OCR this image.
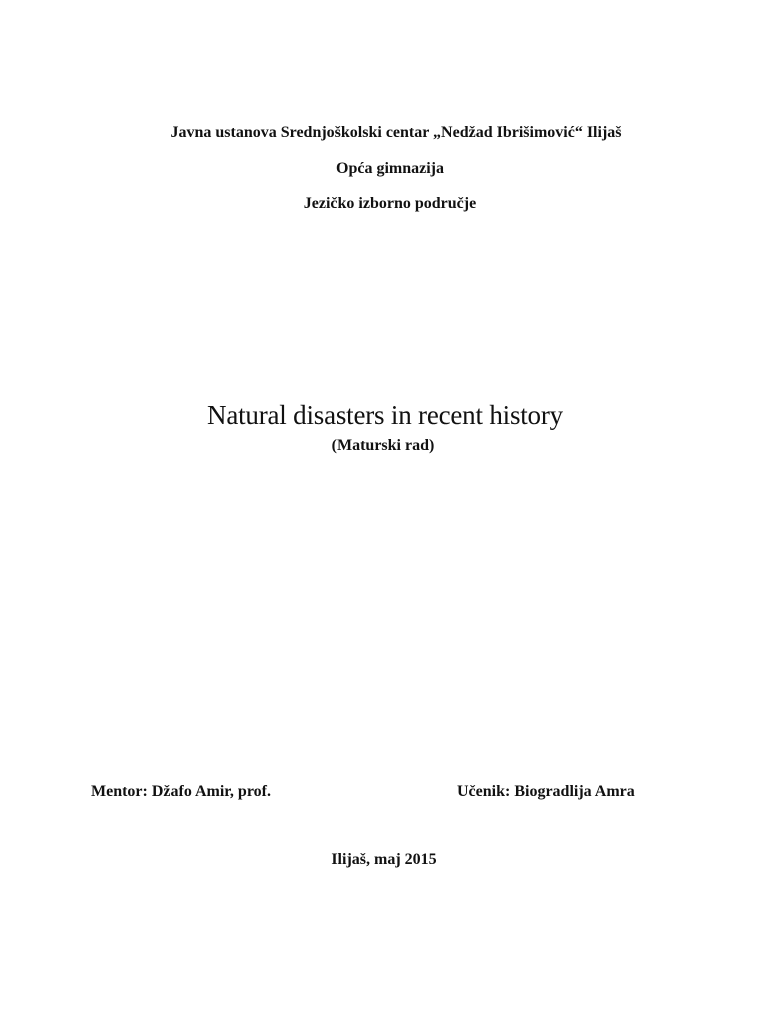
Javna ustanova Srednjoškolski centar „Nedžad Ibrišimović“ Ilijaš
Opća gimnazija
Jezičko izborno područje
Natural disasters in recent history
(Maturski rad)
Mentor: Džafo Amir, prof.	Učenik: Biogradlija Amra
Ilijaš, maj 2015
